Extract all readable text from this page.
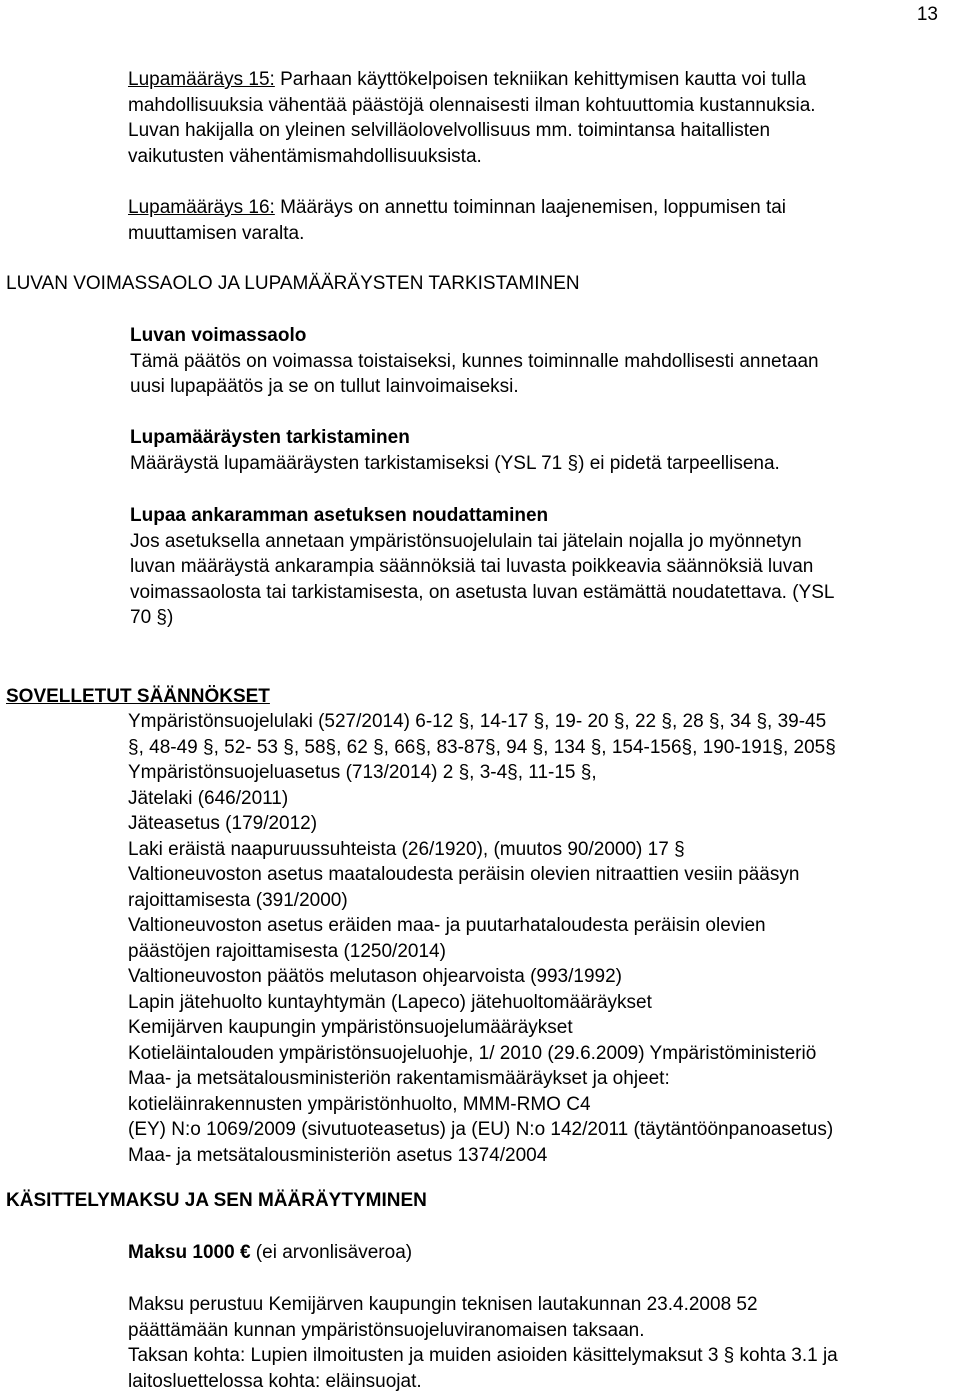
13
Lupamääräys 15: Parhaan käyttökelpoisen tekniikan kehittymisen kautta voi tulla
mahdollisuuksia vähentää päästöjä olennaisesti ilman kohtuuttomia kustannuksia.
Luvan hakijalla on yleinen selvilläolovelvollisuus mm. toimintansa haitallisten
vaikutusten vähentämismahdollisuuksista.
Lupamääräys 16: Määräys on annettu toiminnan laajenemisen, loppumisen tai
muuttamisen varalta.
LUVAN VOIMASSAOLO JA LUPAMÄÄRÄYSTEN TARKISTAMINEN
Luvan voimassaolo
Tämä päätös on voimassa toistaiseksi, kunnes toiminnalle mahdollisesti annetaan
uusi lupapäätös ja se on tullut lainvoimaiseksi.
Lupamääräysten tarkistaminen
Määräystä lupamääräysten tarkistamiseksi (YSL 71 §) ei pidetä tarpeellisena.
Lupaa ankaramman asetuksen noudattaminen
Jos asetuksella annetaan ympäristönsuojelulain tai jätelain nojalla jo myönnetyn
luvan määräystä ankarampia säännöksiä tai luvasta poikkeavia säännöksiä luvan
voimassaolosta tai tarkistamisesta, on asetusta luvan estämättä noudatettava. (YSL
70 §)
SOVELLETUT SÄÄNNÖKSET
Ympäristönsuojelulaki (527/2014) 6-12 §, 14-17 §, 19- 20 §, 22 §, 28 §, 34 §, 39-45
§, 48-49 §, 52- 53 §, 58§, 62 §, 66§, 83-87§, 94 §, 134 §, 154-156§, 190-191§, 205§
Ympäristönsuojeluasetus (713/2014) 2 §, 3-4§, 11-15 §,
Jätelaki (646/2011)
Jäteasetus (179/2012)
Laki eräistä naapuruussuhteista (26/1920), (muutos 90/2000) 17 §
Valtioneuvoston asetus maataloudesta peräisin olevien nitraattien vesiin pääsyn
rajoittamisesta (391/2000)
Valtioneuvoston asetus eräiden maa- ja puutarhataloudesta peräisin olevien
päästöjen rajoittamisesta (1250/2014)
Valtioneuvoston päätös melutason ohjearvoista (993/1992)
Lapin jätehuolto kuntayhtymän (Lapeco) jätehuoltomääräykset
Kemijärven kaupungin ympäristönsuojelumääräykset
Kotieläintalouden ympäristönsuojeluohje, 1/ 2010 (29.6.2009) Ympäristöministeriö
Maa- ja metsätalousministeriön rakentamismääräykset ja ohjeet:
kotieläinrakennusten ympäristönhuolto, MMM-RMO C4
(EY) N:o 1069/2009 (sivutuoteasetus) ja (EU) N:o 142/2011 (täytäntöönpanoasetus)
Maa- ja metsätalousministeriön asetus 1374/2004
KÄSITTELYMAKSU JA SEN MÄÄRÄYTYMINEN
Maksu 1000 € (ei arvonlisäveroa)
Maksu perustuu Kemijärven kaupungin teknisen lautakunnan 23.4.2008 52
päättämään kunnan ympäristönsuojeluviranomaisen taksaan.
Taksan kohta: Lupien ilmoitusten ja muiden asioiden käsittelymaksut 3 § kohta 3.1 ja
laitosluettelossa kohta: eläinsuojat.
